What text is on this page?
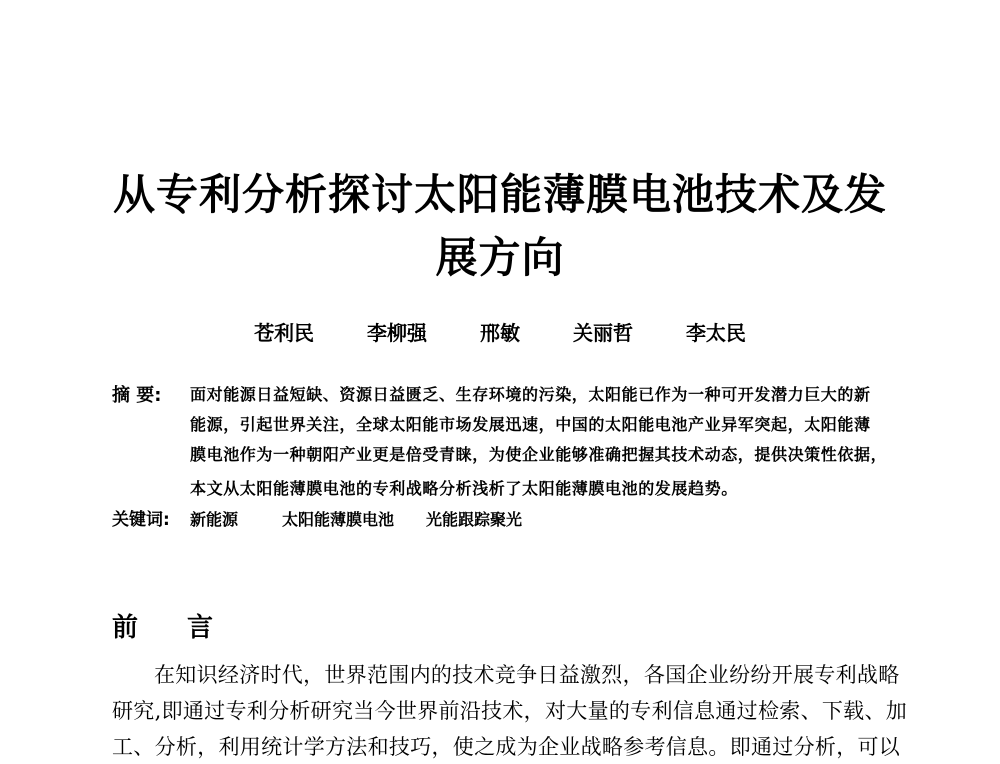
从专利分析探讨太阳能薄膜电池技术及发
展方向
苍利民	李柳强	邢敏	关丽哲	李太民
摘 要: 面对能源日益短缺、资源日益匮乏、生存环境的污染，太阳能已作为一种可开发潜力巨大的新
能源，引起世界关注，全球太阳能市场发展迅速，中国的太阳能电池产业异军突起，太阳能薄
膜电池作为一种朝阳产业更是倍受青睐，为使企业能够准确把握其技术动态，提供决策性依据，
本文从太阳能薄膜电池的专利战略分析浅析了太阳能薄膜电池的发展趋势。
关键词: 新能源	太阳能薄膜电池 光能跟踪聚光
前 言
在知识经济时代，世界范围内的技术竞争日益激烈，各国企业纷纷开展专利战略
研究,即通过专利分析研究当今世界前沿技术，对大量的专利信息通过检索、下载、加
工、分析，利用统计学方法和技巧，使之成为企业战略参考信息。即通过分析，可以
